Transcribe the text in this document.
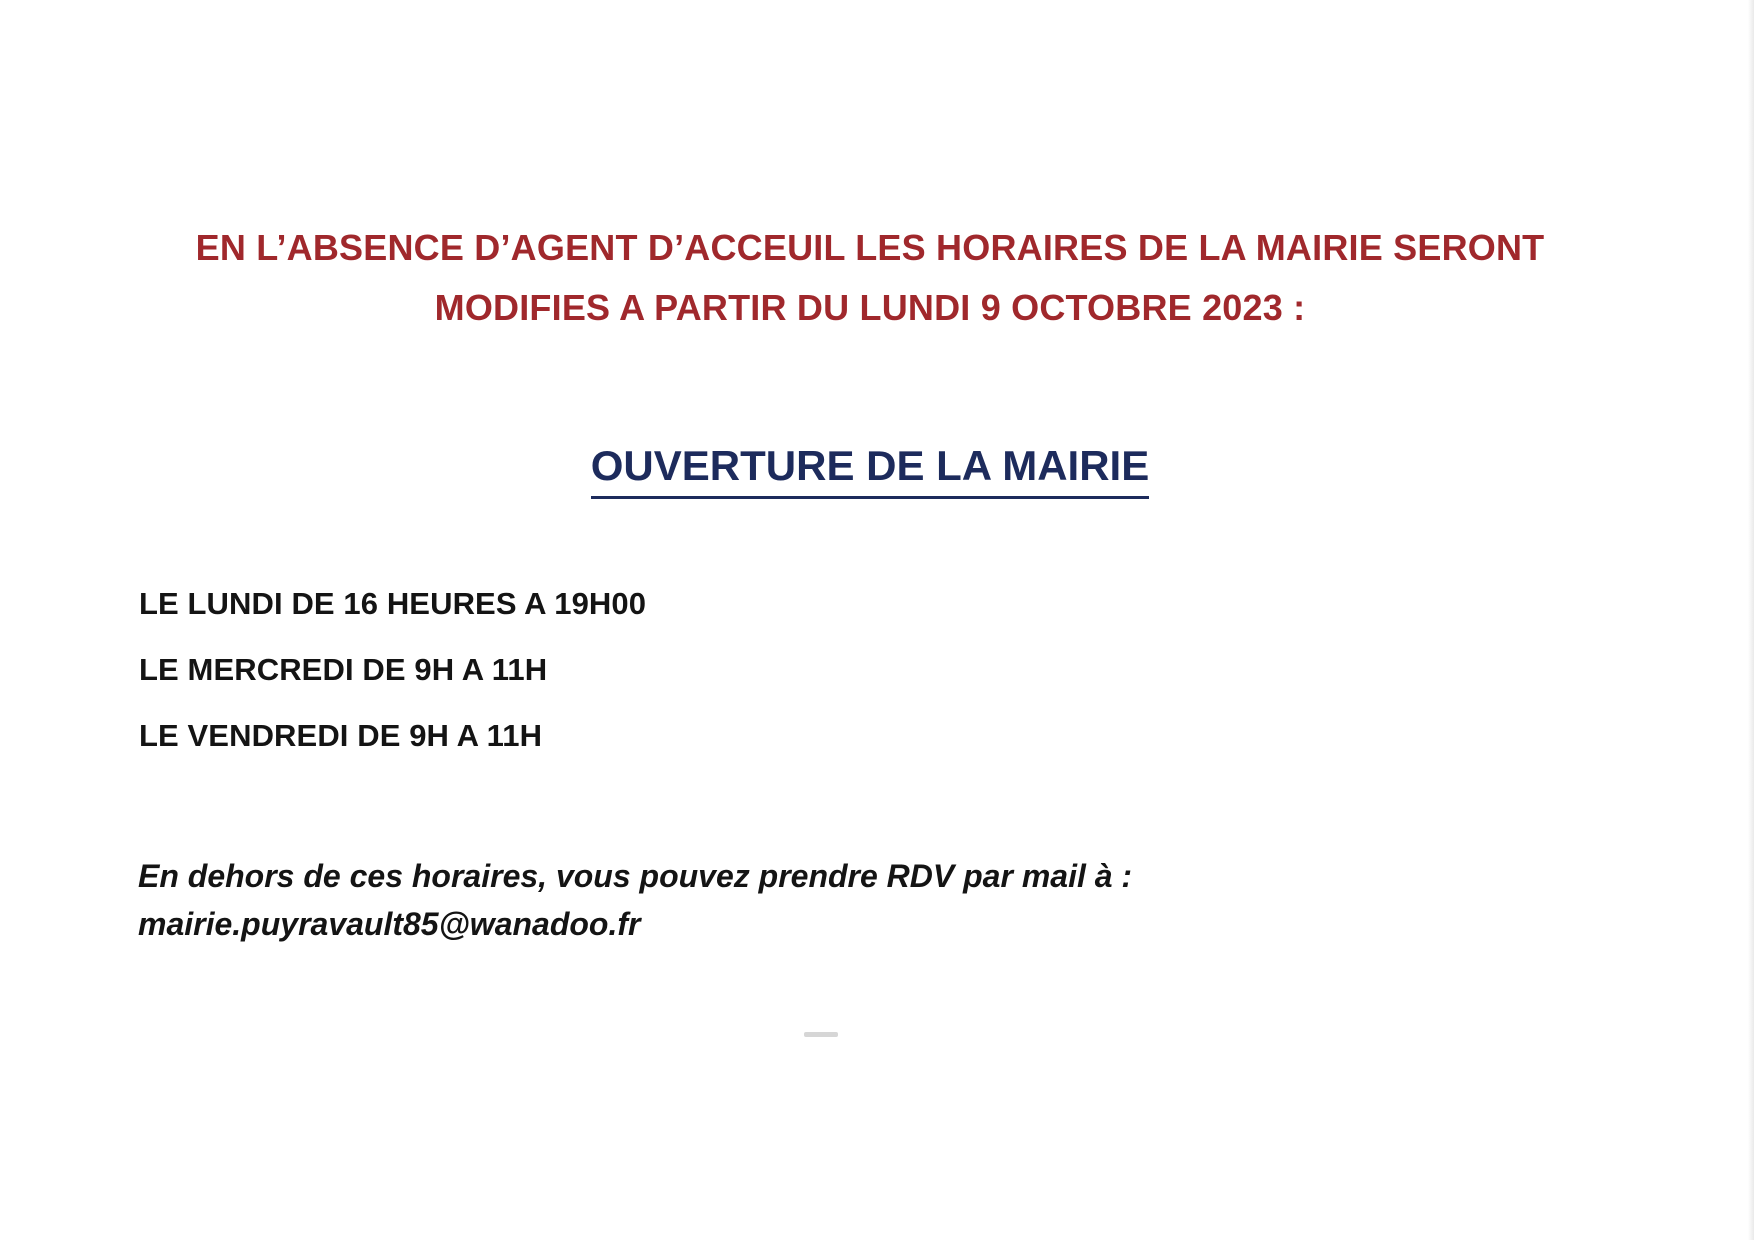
EN L’ABSENCE D’AGENT D’ACCEUIL LES HORAIRES DE LA MAIRIE SERONT
MODIFIES A PARTIR DU LUNDI 9 OCTOBRE 2023 :
OUVERTURE DE LA MAIRIE
LE LUNDI DE 16 HEURES A 19H00
LE MERCREDI DE 9H A 11H
LE VENDREDI DE 9H A 11H
En dehors de ces horaires, vous pouvez prendre RDV par mail à :
mairie.puyravault85@wanadoo.fr
